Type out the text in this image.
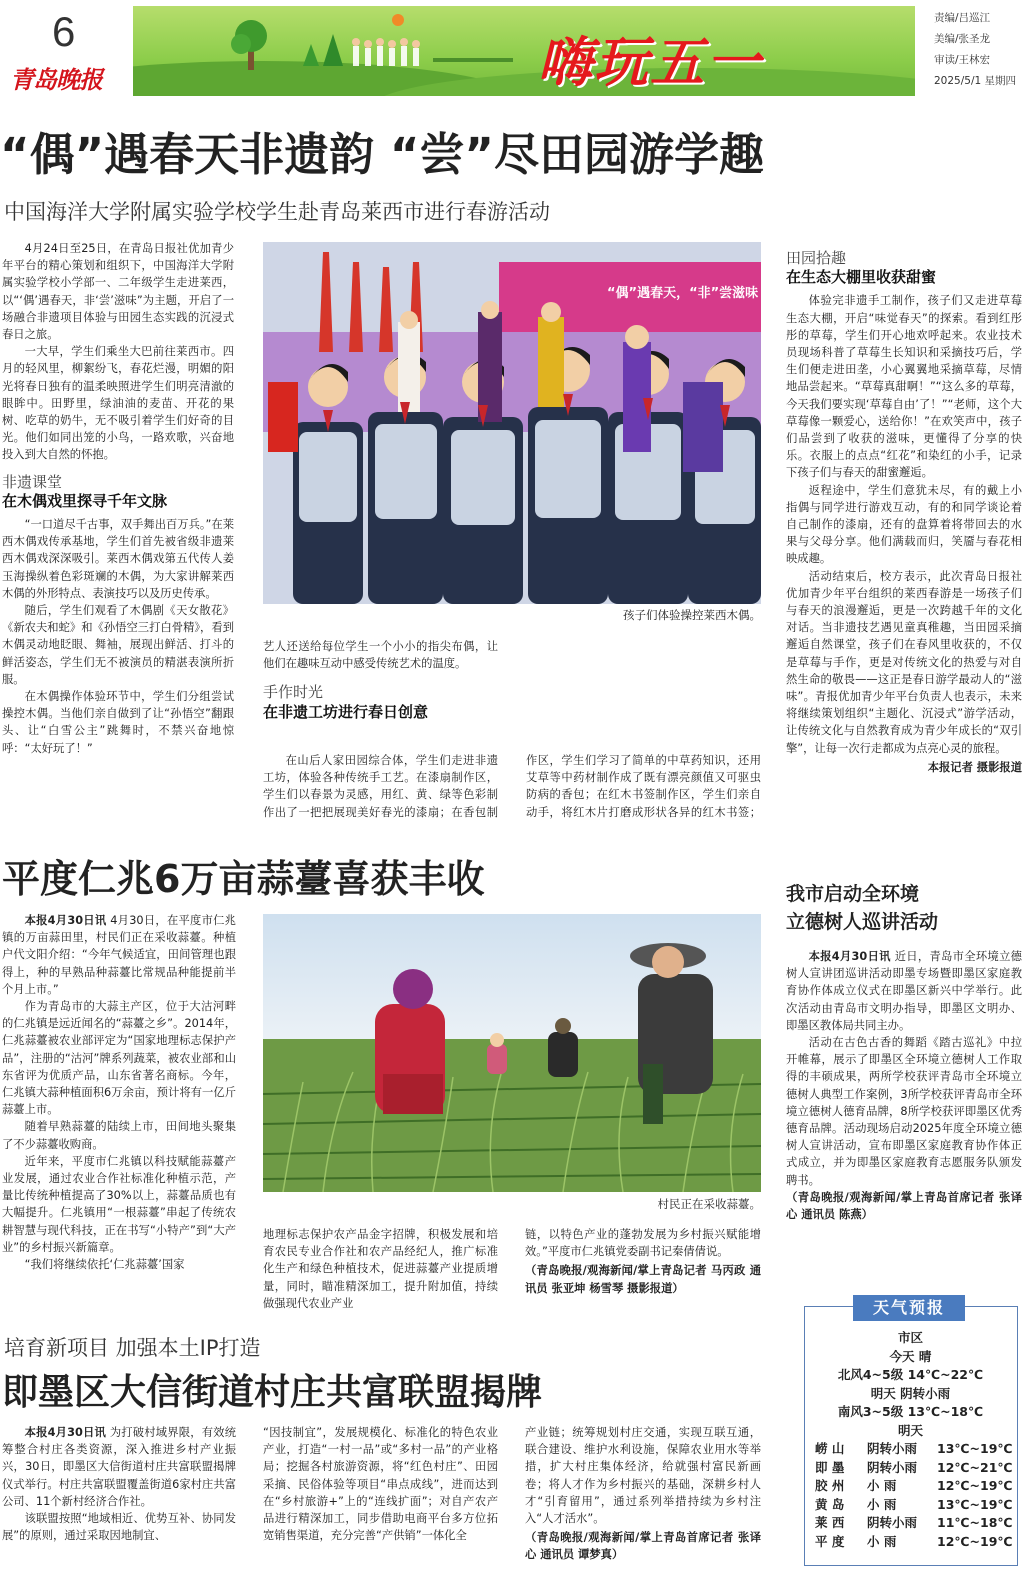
6
青岛晚报	嗨玩五一
责编/吕巡江
美编/张圣龙
审读/王林宏
2025/5/1 星期四
“偶”遇春天非遗韵 “尝”尽田园游学趣
中国海洋大学附属实验学校学生赴青岛莱西市进行春游活动

4月24日至25日，在青岛日报社优加青少年平台的精心策划和组织下，中国海洋大学附属实验学校小学部一、二年级学生走进莱西，以“‘偶’遇春天，非‘尝’滋味”为主题，开启了一场融合非遗项目体验与田园生态实践的沉浸式春日之旅。

一大早，学生们乘坐大巴前往莱西市。四月的轻风里，柳絮纷飞，春花烂漫，明媚的阳光将春日独有的温柔映照进学生们明亮清澈的眼眸中。田野里，绿油油的麦苗、开花的果树、吃草的奶牛，无不吸引着学生们好奇的目光。他们如同出笼的小鸟，一路欢歌，兴奋地投入到大自然的怀抱。

非遗课堂
在木偶戏里探寻千年文脉

“一口道尽千古事，双手舞出百万兵。”在莱西木偶戏传承基地，学生们首先被省级非遗莱西木偶戏深深吸引。莱西木偶戏第五代传人姜玉海操纵着色彩斑斓的木偶，为大家讲解莱西木偶的外形特点、表演技巧以及历史传承。

随后，学生们观看了木偶剧《天女散花》《新农夫和蛇》和《孙悟空三打白骨精》，看到木偶灵动地眨眼、舞袖，展现出鲜活、打斗的鲜活姿态，学生们无不被演员的精湛表演所折服。

在木偶操作体验环节中，学生们分组尝试操控木偶。当他们亲自做到了让“孙悟空”翻跟头、让“白雪公主”跳舞时，不禁兴奋地惊呼：“太好玩了！”

“偶”遇春天，“非”尝滋味
孩子们体验操控莱西木偶。

艺人还送给每位学生一个小小的指尖布偶，让他们在趣味互动中感受传统艺术的温度。

手作时光
在非遗工坊进行春日创意

在山后人家田园综合体，学生们走进非遗工坊，体验各种传统手工艺。在漆扇制作区，学生们以春景为灵感，用红、黄、绿等色彩制作出了一把把展现美好春光的漆扇；在香包制作区，学生们学习了简单的中草药知识，还用艾草等中药材制作成了既有漂亮颜值又可驱虫防病的香包；在红木书签制作区，学生们亲自动手，将红木片打磨成形状各异的红木书签；

田园拾趣
在生态大棚里收获甜蜜

体验完非遗手工制作，孩子们又走进草莓生态大棚，开启“味觉春天”的探索。看到红彤彤的草莓，学生们开心地欢呼起来。农业技术员现场科普了草莓生长知识和采摘技巧后，学生们便走进田垄，小心翼翼地采摘草莓，尽情地品尝起来。“草莓真甜啊！”“这么多的草莓，今天我们要实现‘草莓自由’了！”“老师，这个大草莓像一颗爱心，送给你！”在欢笑声中，孩子们品尝到了收获的滋味，更懂得了分享的快乐。衣服上的点点“红花”和染红的小手，记录下孩子们与春天的甜蜜邂逅。

返程途中，学生们意犹未尽，有的戴上小指偶与同学进行游戏互动，有的和同学谈论着自己制作的漆扇，还有的盘算着将带回去的水果与父母分享。他们满载而归，笑靥与春花相映成趣。

活动结束后，校方表示，此次青岛日报社优加青少年平台组织的莱西春游是一场孩子们与春天的浪漫邂逅，更是一次跨越千年的文化对话。当非遗技艺遇见童真稚趣，当田园采摘邂逅自然课堂，孩子们在春风里收获的，不仅是草莓与手作，更是对传统文化的热爱与对自然生命的敬畏——这正是春日游学最动人的“滋味”。青报优加青少年平台负责人也表示，未来将继续策划组织“主题化、沉浸式”游学活动，让传统文化与自然教育成为青少年成长的“双引擎”，让每一次行走都成为点亮心灵的旅程。

本报记者 摄影报道
平度仁兆6万亩蒜薹喜获丰收

本报4月30日讯 4月30日，在平度市仁兆镇的万亩蒜田里，村民们正在采收蒜薹。种植户代文阳介绍：“今年气候适宜，田间管理也跟得上，种的早熟品种蒜薹比常规品种能提前半个月上市。”

作为青岛市的大蒜主产区，位于大沽河畔的仁兆镇是远近闻名的“蒜薹之乡”。2014年，仁兆蒜薹被农业部评定为“国家地理标志保护产品”，注册的“沽河”牌系列蔬菜，被农业部和山东省评为优质产品，山东省著名商标。今年，仁兆镇大蒜种植面积6万余亩，预计将有一亿斤蒜薹上市。

随着早熟蒜薹的陆续上市，田间地头聚集了不少蒜薹收购商。

近年来，平度市仁兆镇以科技赋能蒜薹产业发展，通过农业合作社标准化种植示范，产量比传统种植提高了30%以上，蒜薹品质也有大幅提升。仁兆镇用“一根蒜薹”串起了传统农耕智慧与现代科技，正在书写“小特产”到“大产业”的乡村振兴新篇章。

“我们将继续依托‘仁兆蒜薹’国家

村民正在采收蒜薹。

地理标志保护农产品金字招牌，积极发展和培育农民专业合作社和农产品经纪人，推广标准化生产和绿色种植技术，促进蒜薹产业提质增量，同时，瞄准精深加工，提升附加值，持续做强现代农业产业

链，以特色产业的蓬勃发展为乡村振兴赋能增效。”平度市仁兆镇党委副书记秦倩倩说。

（青岛晚报/观海新闻/掌上青岛记者 马丙政 通讯员 张亚坤 杨雪琴 摄影报道）
我市启动全环境
立德树人巡讲活动

本报4月30日讯 近日，青岛市全环境立德树人宣讲团巡讲活动即墨专场暨即墨区家庭教育协作体成立仪式在即墨区新兴中学举行。此次活动由青岛市文明办指导，即墨区文明办、即墨区教体局共同主办。

活动在古色古香的舞蹈《踏古巡礼》中拉开帷幕，展示了即墨区全环境立德树人工作取得的丰硕成果，两所学校获评青岛市全环境立德树人典型工作案例，3所学校获评青岛市全环境立德树人德育品牌，8所学校获评即墨区优秀德育品牌。活动现场启动2025年度全环境立德树人宣讲活动，宣布即墨区家庭教育协作体正式成立，并为即墨区家庭教育志愿服务队颁发聘书。

（青岛晚报/观海新闻/掌上青岛首席记者 张译心 通讯员 陈燕）
天气预报
市区
今天 晴
北风4~5级 14℃~22℃
明天 阴转小雨
南风3~5级 13℃~18℃
明天
崂 山	阴转小雨	13℃~19℃
即 墨	阴转小雨	12℃~21℃
胶 州	小 雨	12℃~19℃
黄 岛	小 雨	13℃~19℃
莱 西	阴转小雨	11℃~18℃
平 度	小 雨	12℃~19℃
培育新项目 加强本土IP打造
即墨区大信街道村庄共富联盟揭牌

本报4月30日讯 为打破村域界限，有效统筹整合村庄各类资源，深入推进乡村产业振兴，30日，即墨区大信街道村庄共富联盟揭牌仪式举行。村庄共富联盟覆盖街道6家村庄共富公司、11个新村经济合作社。

该联盟按照“地域相近、优势互补、协同发展”的原则，通过采取因地制宜、

“因技制宜”，发展规模化、标准化的特色农业产业，打造“一村一品”或“多村一品”的产业格局；挖掘各村旅游资源，将“红色村庄”、田园采摘、民俗体验等项目“串点成线”，进而达到在“乡村旅游+”上的“连线扩面”；对自产农产品进行精深加工，同步借助电商平台多方位拓宽销售渠道，充分完善“产供销”一体化全

产业链；统筹规划村庄交通，实现互联互通，联合建设、维护水利设施，保障农业用水等举措，扩大村庄集体经济，给就强村富民新画卷；将人才作为乡村振兴的基础，深耕乡村人才“引育留用”，通过系列举措持续为乡村注入“人才活水”。

（青岛晚报/观海新闻/掌上青岛首席记者 张译心 通讯员 谭梦真）
